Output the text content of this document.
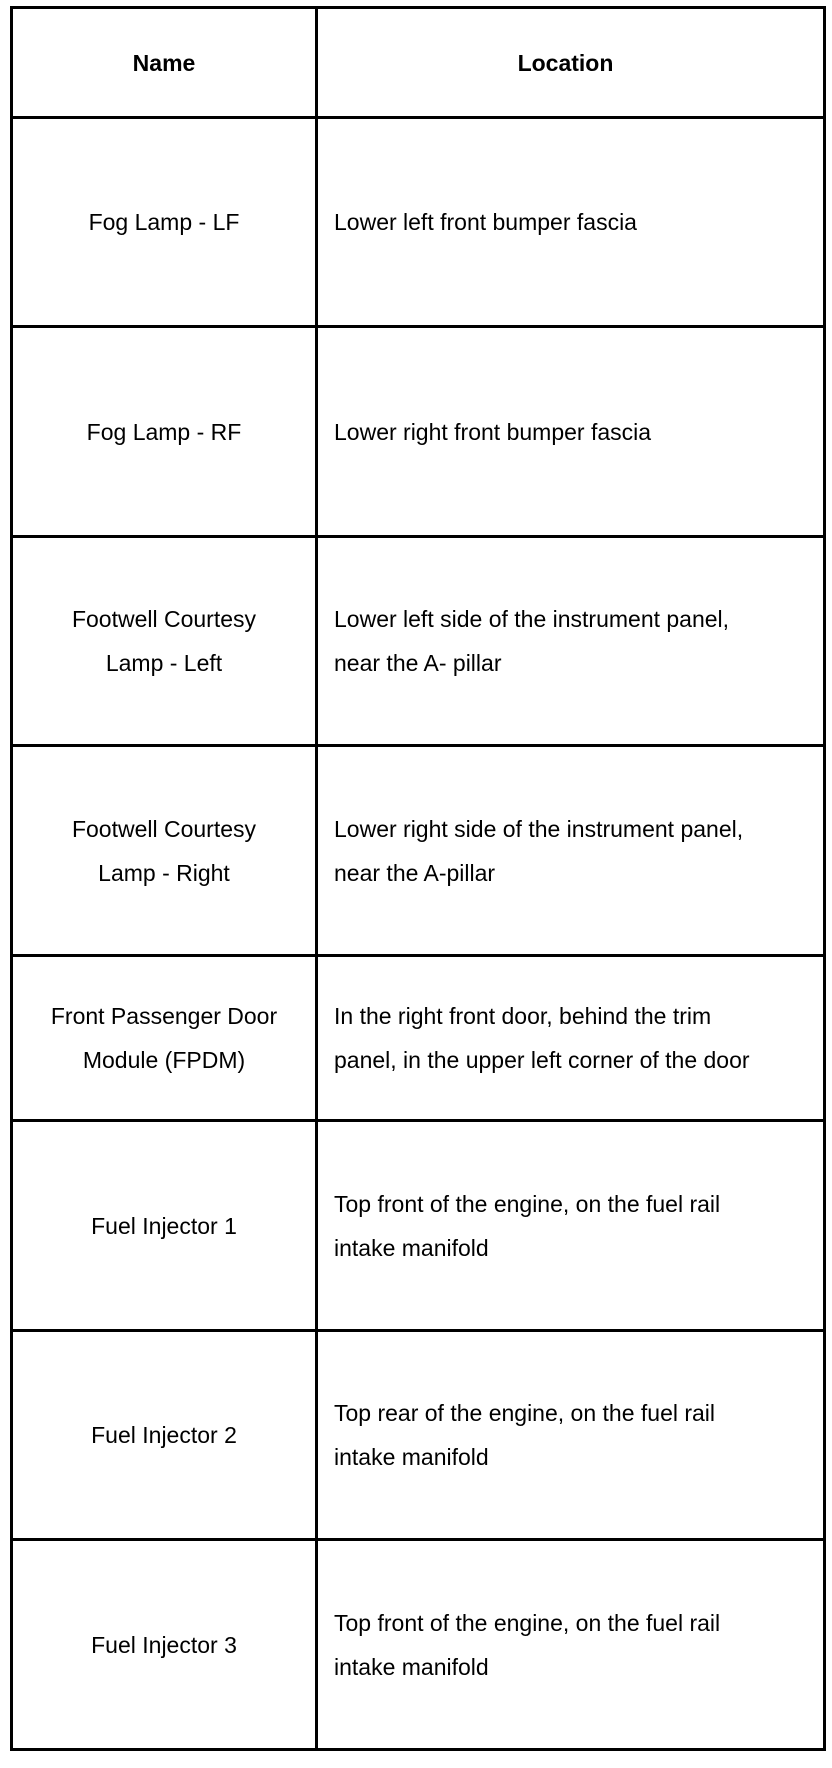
Name	Location
Fog Lamp - LF	Lower left front bumper fascia
Fog Lamp - RF	Lower right front bumper fascia
Footwell Courtesy Lamp - Left	Lower left side of the instrument panel, near the A- pillar
Footwell Courtesy Lamp - Right	Lower right side of the instrument panel, near the A-pillar
Front Passenger Door Module (FPDM)	In the right front door, behind the trim panel, in the upper left corner of the door
Fuel Injector 1	Top front of the engine, on the fuel rail intake manifold
Fuel Injector 2	Top rear of the engine, on the fuel rail intake manifold
Fuel Injector 3	Top front of the engine, on the fuel rail intake manifold
